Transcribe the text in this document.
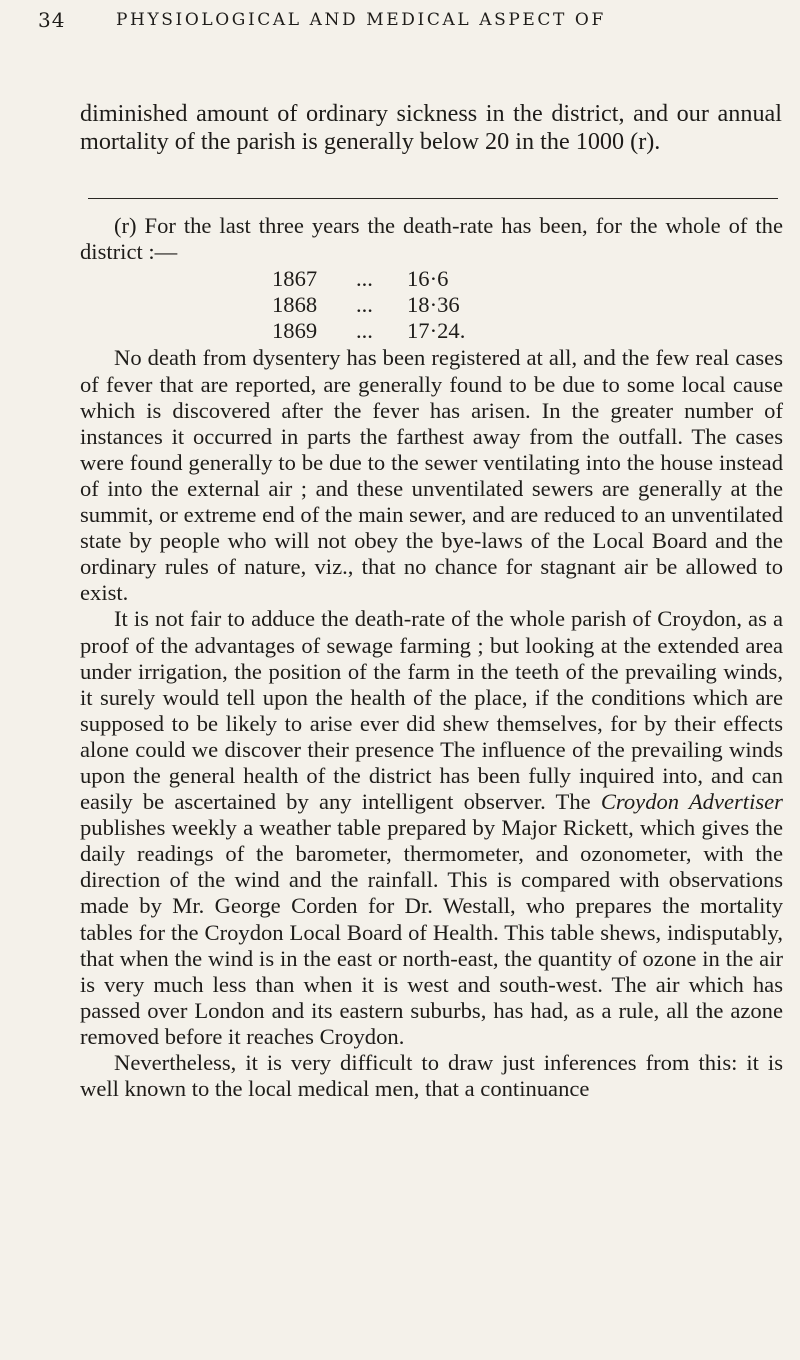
34	PHYSIOLOGICAL AND MEDICAL ASPECT OF

diminished amount of ordinary sickness in the district, and our annual mortality of the parish is generally below 20 in the 1000 (r).

(r) For the last three years the death-rate has been, for the whole of the district :—

1867 ... 16·6
1868 ... 18·36
1869 ... 17·24.

No death from dysentery has been registered at all, and the few real cases of fever that are reported, are generally found to be due to some local cause which is discovered after the fever has arisen. In the greater number of instances it occurred in parts the farthest away from the outfall. The cases were found generally to be due to the sewer ventilating into the house instead of into the external air ; and these unventilated sewers are generally at the summit, or extreme end of the main sewer, and are reduced to an unventilated state by people who will not obey the bye-laws of the Local Board and the ordinary rules of nature, viz., that no chance for stagnant air be allowed to exist.

It is not fair to adduce the death-rate of the whole parish of Croydon, as a proof of the advantages of sewage farming ; but looking at the extended area under irrigation, the position of the farm in the teeth of the prevailing winds, it surely would tell upon the health of the place, if the conditions which are supposed to be likely to arise ever did shew themselves, for by their effects alone could we discover their presence The influence of the prevailing winds upon the general health of the district has been fully inquired into, and can easily be ascertained by any intelligent observer. The Croydon Advertiser publishes weekly a weather table prepared by Major Rickett, which gives the daily readings of the barometer, thermometer, and ozonometer, with the direction of the wind and the rainfall. This is compared with observations made by Mr. George Corden for Dr. Westall, who prepares the mortality tables for the Croydon Local Board of Health. This table shews, indisputably, that when the wind is in the east or north-east, the quantity of ozone in the air is very much less than when it is west and south-west. The air which has passed over London and its eastern suburbs, has had, as a rule, all the azone removed before it reaches Croydon.

Nevertheless, it is very difficult to draw just inferences from this: it is well known to the local medical men, that a continuance
